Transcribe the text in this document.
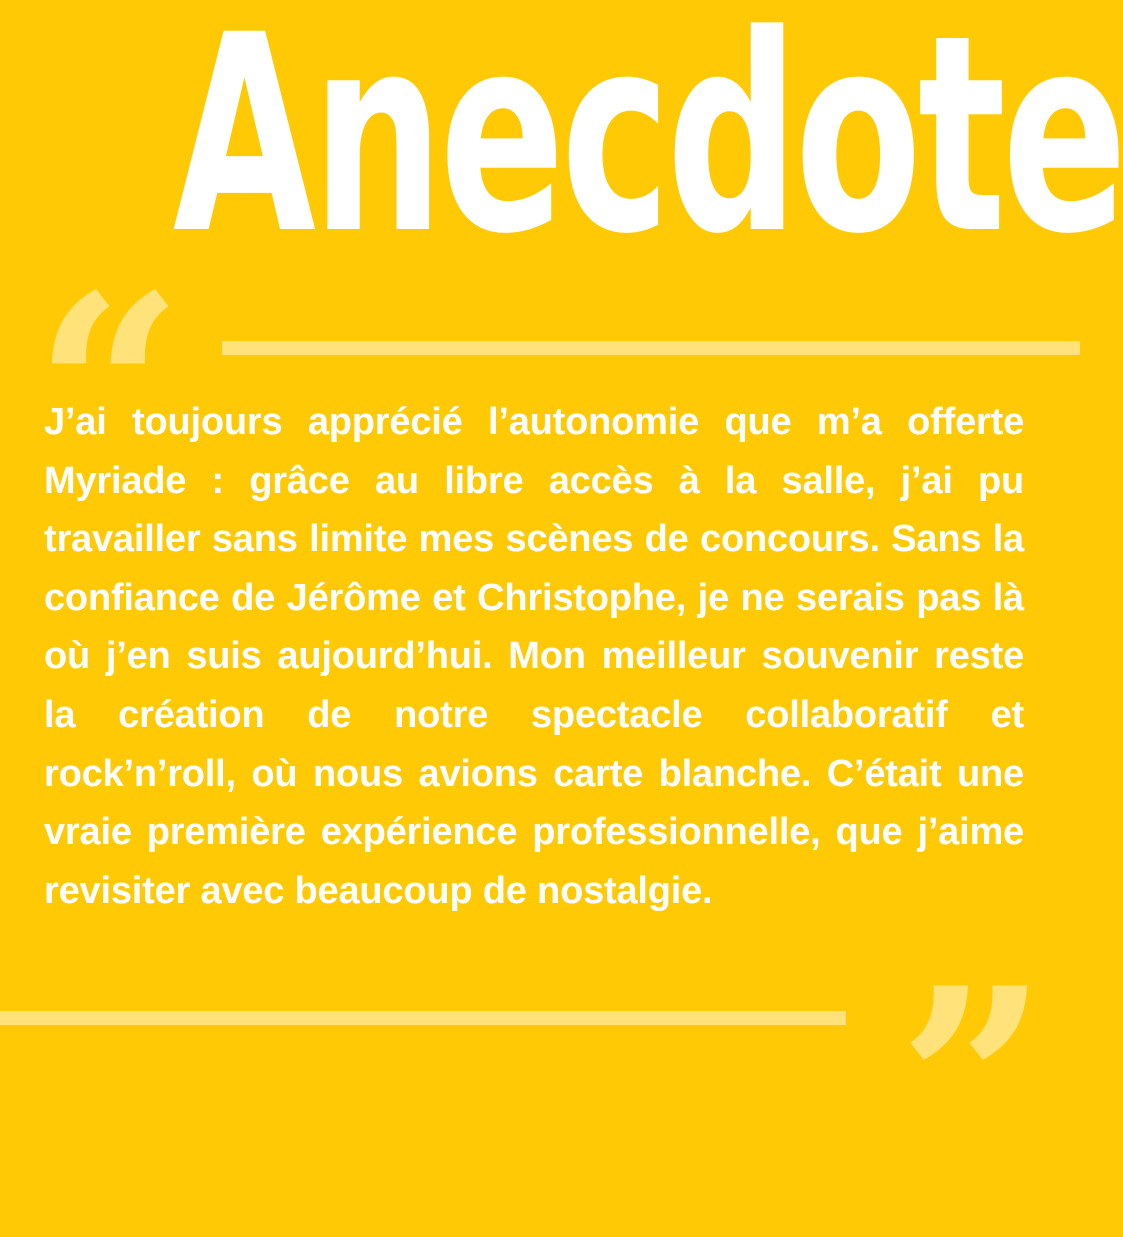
Anecdote
“

J’ai toujours apprécié l’autonomie que m’a offerte Myriade : grâce au libre accès à la salle, j’ai pu travailler sans limite mes scènes de concours. Sans la confiance de Jérôme et Christophe, je ne serais pas là où j’en suis aujourd’hui. Mon meilleur souvenir reste la création de notre spectacle collaboratif et rock’n’roll, où nous avions carte blanche. C’était une vraie première expérience professionnelle, que j’aime revisiter avec beaucoup de nostalgie.

”
